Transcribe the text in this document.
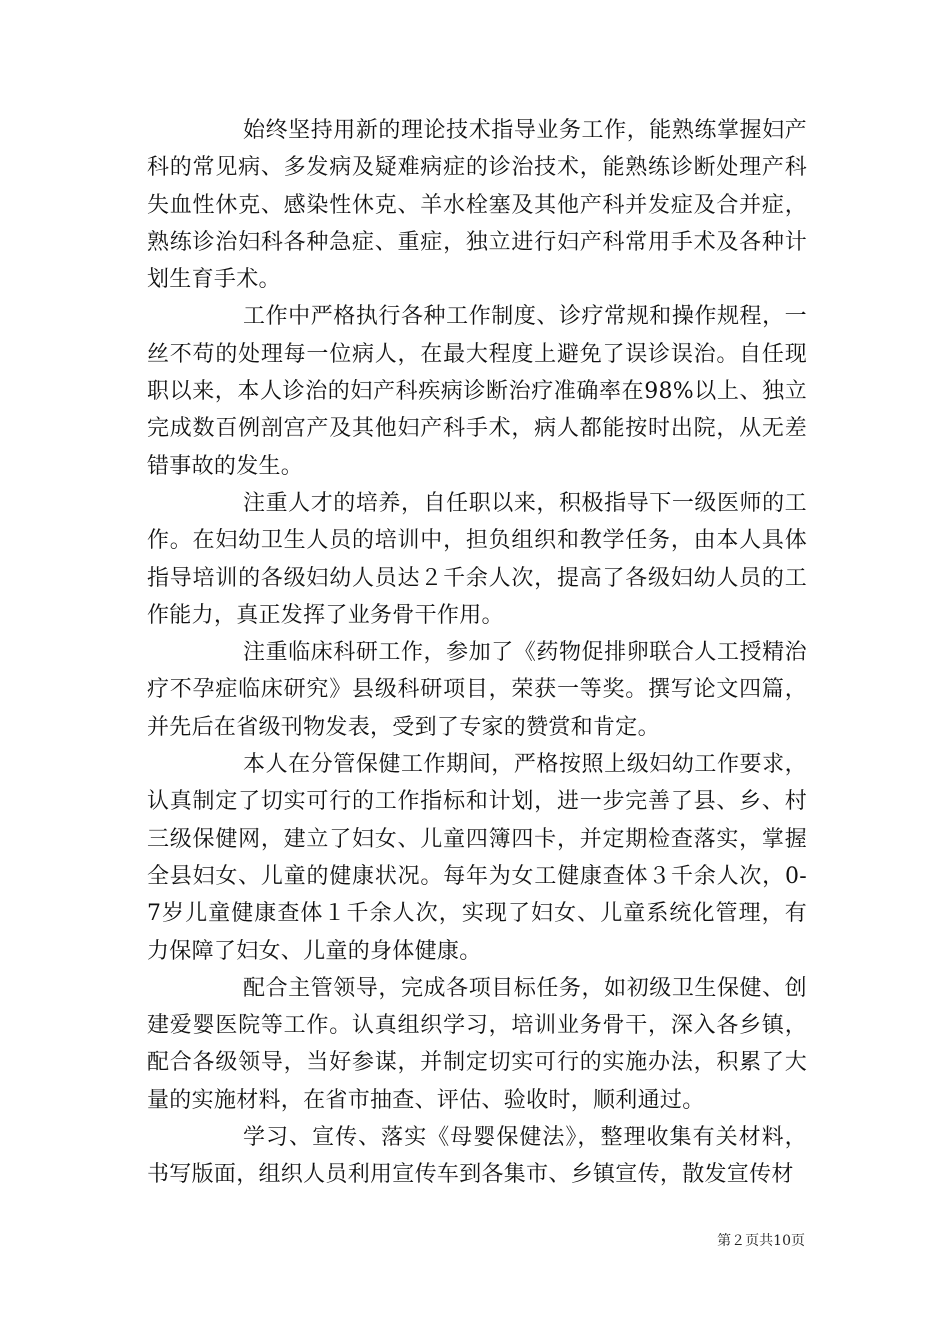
始终坚持用新的理论技术指导业务工作，能熟练掌握妇产科的常见病、多发病及疑难病症的诊治技术，能熟练诊断处理产科失血性休克、感染性休克、羊水栓塞及其他产科并发症及合并症，熟练诊治妇科各种急症、重症，独立进行妇产科常用手术及各种计划生育手术。

工作中严格执行各种工作制度、诊疗常规和操作规程，一丝不苟的处理每一位病人，在最大程度上避免了误诊误治。自任现职以来，本人诊治的妇产科疾病诊断治疗准确率在98%以上、独立完成数百例剖宫产及其他妇产科手术，病人都能按时出院，从无差错事故的发生。

注重人才的培养，自任职以来，积极指导下一级医师的工作。在妇幼卫生人员的培训中，担负组织和教学任务，由本人具体指导培训的各级妇幼人员达２千余人次，提高了各级妇幼人员的工作能力，真正发挥了业务骨干作用。

注重临床科研工作，参加了《药物促排卵联合人工授精治疗不孕症临床研究》县级科研项目，荣获一等奖。撰写论文四篇，并先后在省级刊物发表，受到了专家的赞赏和肯定。

本人在分管保健工作期间，严格按照上级妇幼工作要求，认真制定了切实可行的工作指标和计划，进一步完善了县、乡、村三级保健网，建立了妇女、儿童四簿四卡，并定期检查落实，掌握全县妇女、儿童的健康状况。每年为女工健康查体３千余人次，0-7岁儿童健康查体１千余人次，实现了妇女、儿童系统化管理，有力保障了妇女、儿童的身体健康。

配合主管领导，完成各项目标任务，如初级卫生保健、创建爱婴医院等工作。认真组织学习，培训业务骨干，深入各乡镇，配合各级领导，当好参谋，并制定切实可行的实施办法，积累了大量的实施材料，在省市抽查、评估、验收时，顺利通过。

学习、宣传、落实《母婴保健法》，整理收集有关材料，书写版面，组织人员利用宣传车到各集市、乡镇宣传，散发宣传材

第２页共10页
